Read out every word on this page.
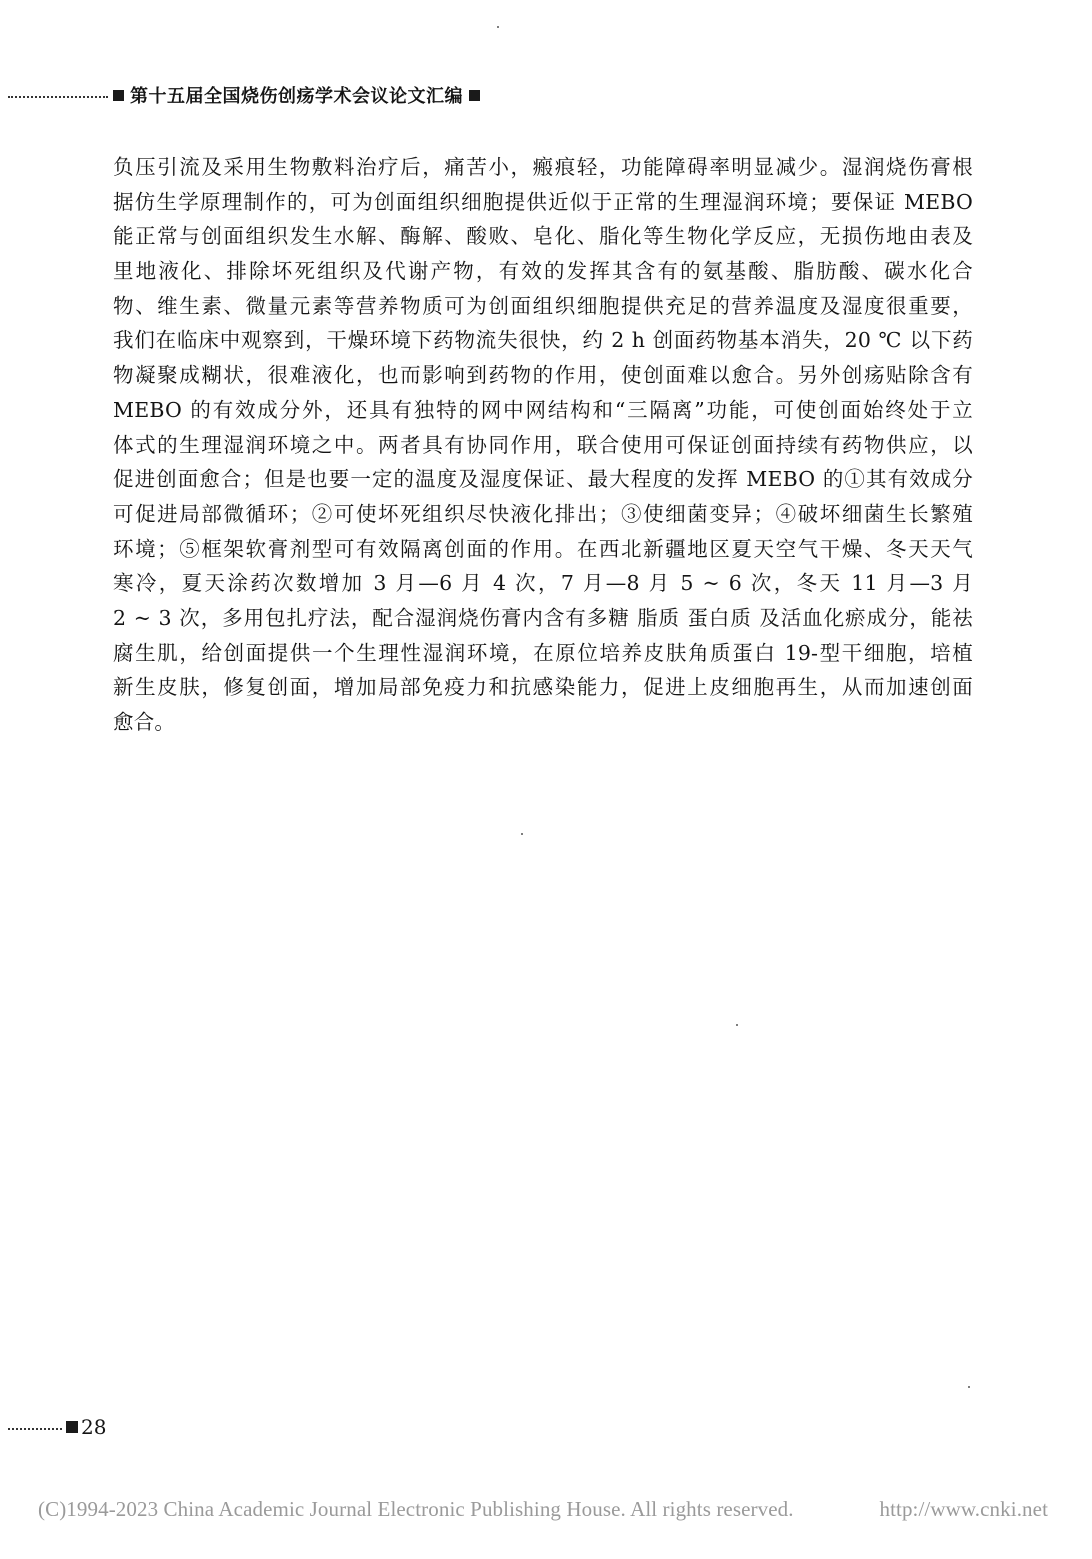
第十五届全国烧伤创疡学术会议论文汇编
负压引流及采用生物敷料治疗后，痛苦小，瘢痕轻，功能障碍率明显减少。湿润烧伤膏根
据仿生学原理制作的，可为创面组织细胞提供近似于正常的生理湿润环境；要保证 MEBO
能正常与创面组织发生水解、酶解、酸败、皂化、脂化等生物化学反应，无损伤地由表及
里地液化、排除坏死组织及代谢产物，有效的发挥其含有的氨基酸、脂肪酸、碳水化合
物、维生素、微量元素等营养物质可为创面组织细胞提供充足的营养温度及湿度很重要，
我们在临床中观察到，干燥环境下药物流失很快，约 2 h 创面药物基本消失，20 ℃ 以下药
物凝聚成糊状，很难液化，也而影响到药物的作用，使创面难以愈合。另外创疡贴除含有
MEBO 的有效成分外，还具有独特的网中网结构和“三隔离”功能，可使创面始终处于立
体式的生理湿润环境之中。两者具有协同作用，联合使用可保证创面持续有药物供应，以
促进创面愈合；但是也要一定的温度及湿度保证、最大程度的发挥 MEBO 的①其有效成分
可促进局部微循环；②可使坏死组织尽快液化排出；③使细菌变异；④破坏细菌生长繁殖
环境；⑤框架软膏剂型可有效隔离创面的作用。在西北新疆地区夏天空气干燥、冬天天气
寒冷，夏天涂药次数增加 3 月—6 月 4 次，7 月—8 月 5 ~ 6 次，冬天 11 月—3 月
2 ~ 3 次，多用包扎疗法，配合湿润烧伤膏内含有多糖 脂质 蛋白质 及活血化瘀成分，能祛
腐生肌，给创面提供一个生理性湿润环境，在原位培养皮肤角质蛋白 19-型干细胞，培植
新生皮肤，修复创面，增加局部免疫力和抗感染能力，促进上皮细胞再生，从而加速创面
愈合。
28
(C)1994-2023 China Academic Journal Electronic Publishing House. All rights reserved.	http://www.cnki.net
